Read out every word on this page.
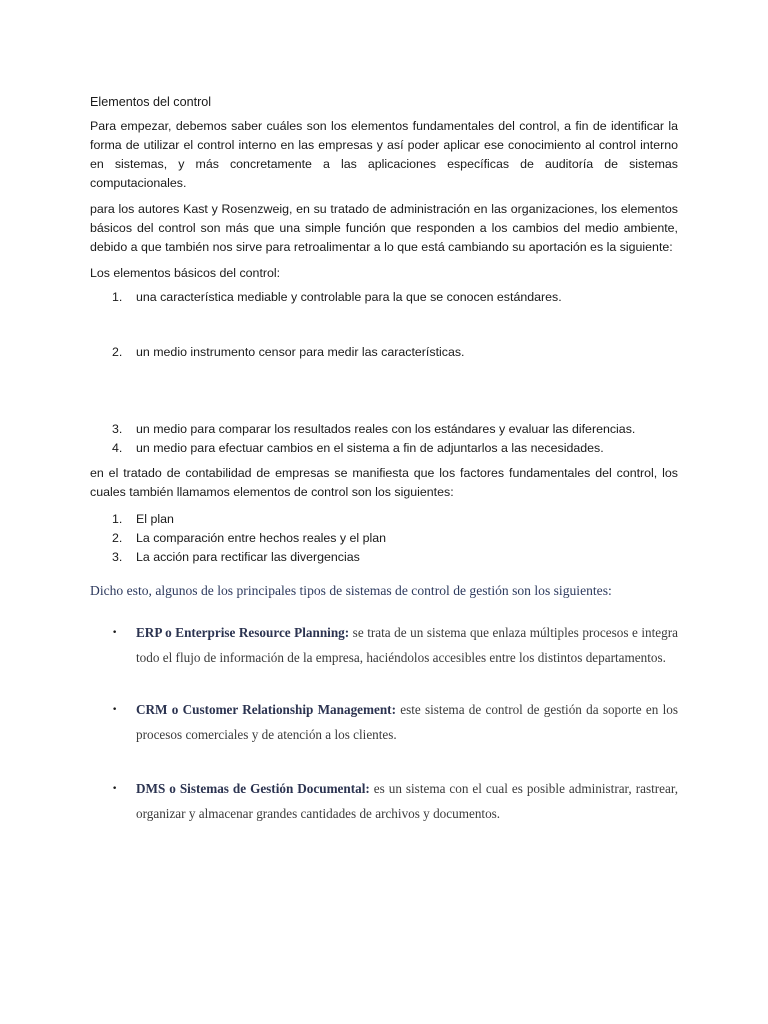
Elementos del control

Para empezar, debemos saber cuáles son los elementos fundamentales del control, a fin de identificar la forma de utilizar el control interno en las empresas y así poder aplicar ese conocimiento al control interno en sistemas, y más concretamente a las aplicaciones específicas de auditoría de sistemas computacionales.

para los autores Kast y Rosenzweig, en su tratado de administración en las organizaciones, los elementos básicos del control son más que una simple función que responden a los cambios del medio ambiente, debido a que también nos sirve para retroalimentar a lo que está cambiando su aportación es la siguiente:

Los elementos básicos del control:

1. una característica mediable y controlable para la que se conocen estándares.
2. un medio instrumento censor para medir las características.
3. un medio para comparar los resultados reales con los estándares y evaluar las diferencias.
4. un medio para efectuar cambios en el sistema a fin de adjuntarlos a las necesidades.

en el tratado de contabilidad de empresas se manifiesta que los factores fundamentales del control, los cuales también llamamos elementos de control son los siguientes:

1. El plan
2. La comparación entre hechos reales y el plan
3. La acción para rectificar las divergencias

Dicho esto, algunos de los principales tipos de sistemas de control de gestión son los siguientes:

• ERP o Enterprise Resource Planning: se trata de un sistema que enlaza múltiples procesos e integra todo el flujo de información de la empresa, haciéndolos accesibles entre los distintos departamentos.
• CRM o Customer Relationship Management: este sistema de control de gestión da soporte en los procesos comerciales y de atención a los clientes.
• DMS o Sistemas de Gestión Documental: es un sistema con el cual es posible administrar, rastrear, organizar y almacenar grandes cantidades de archivos y documentos.
